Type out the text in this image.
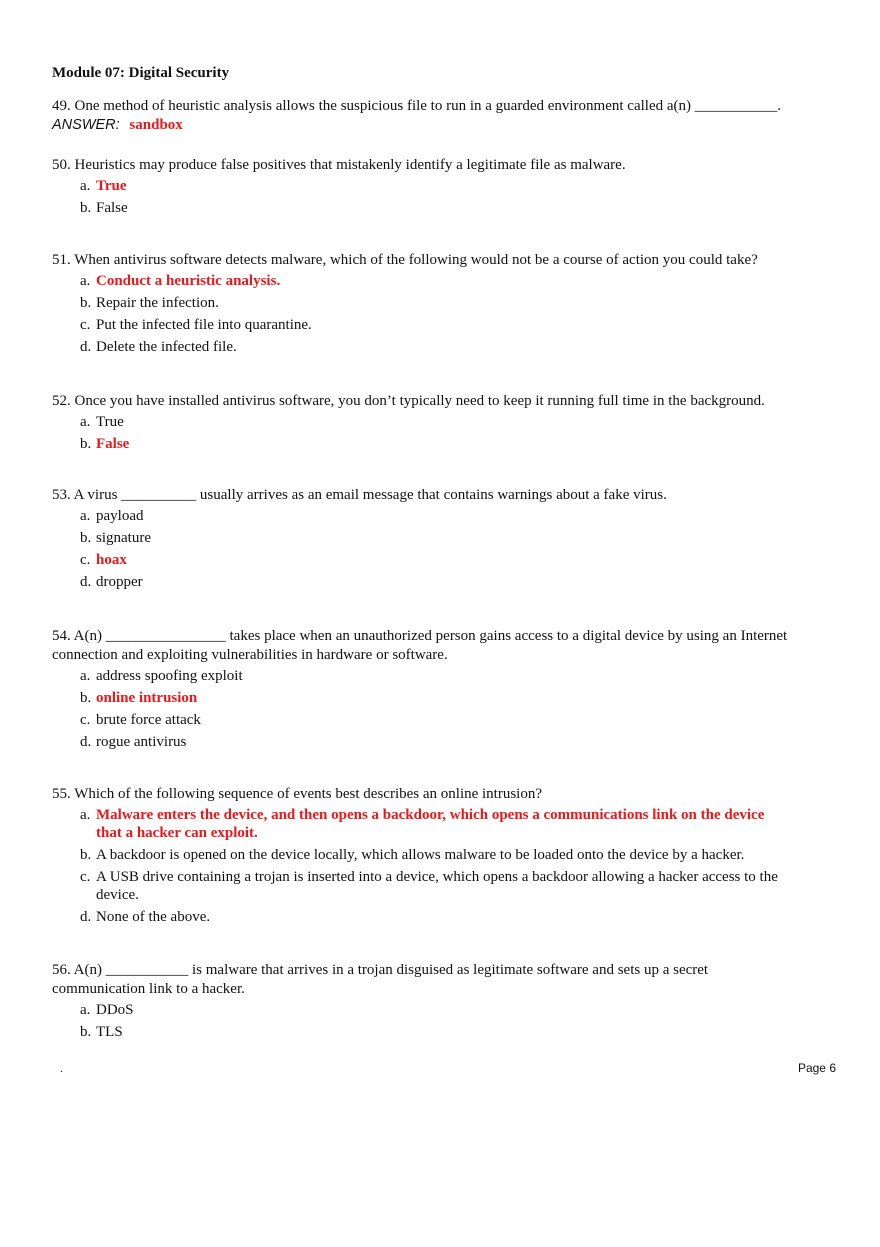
Module 07: Digital Security

49. One method of heuristic analysis allows the suspicious file to run in a guarded environment called a(n) ___________.

ANSWER: sandbox

50. Heuristics may produce false positives that mistakenly identify a legitimate file as malware.

a. True
b. False

51. When antivirus software detects malware, which of the following would not be a course of action you could take?

a. Conduct a heuristic analysis.
b. Repair the infection.
c. Put the infected file into quarantine.
d. Delete the infected file.

52. Once you have installed antivirus software, you don’t typically need to keep it running full time in the background.

a. True
b. False

53. A virus __________ usually arrives as an email message that contains warnings about a fake virus.

a. payload
b. signature
c. hoax
d. dropper

54. A(n) ________________ takes place when an unauthorized person gains access to a digital device by using an Internet connection and exploiting vulnerabilities in hardware or software.

a. address spoofing exploit
b. online intrusion
c. brute force attack
d. rogue antivirus

55. Which of the following sequence of events best describes an online intrusion?

a. Malware enters the device, and then opens a backdoor, which opens a communications link on the device that a hacker can exploit.
b. A backdoor is opened on the device locally, which allows malware to be loaded onto the device by a hacker.
c. A USB drive containing a trojan is inserted into a device, which opens a backdoor allowing a hacker access to the device.
d. None of the above.

56. A(n) ___________ is malware that arrives in a trojan disguised as legitimate software and sets up a secret communication link to a hacker.

a. DDoS
b. TLS
.	Page 6
